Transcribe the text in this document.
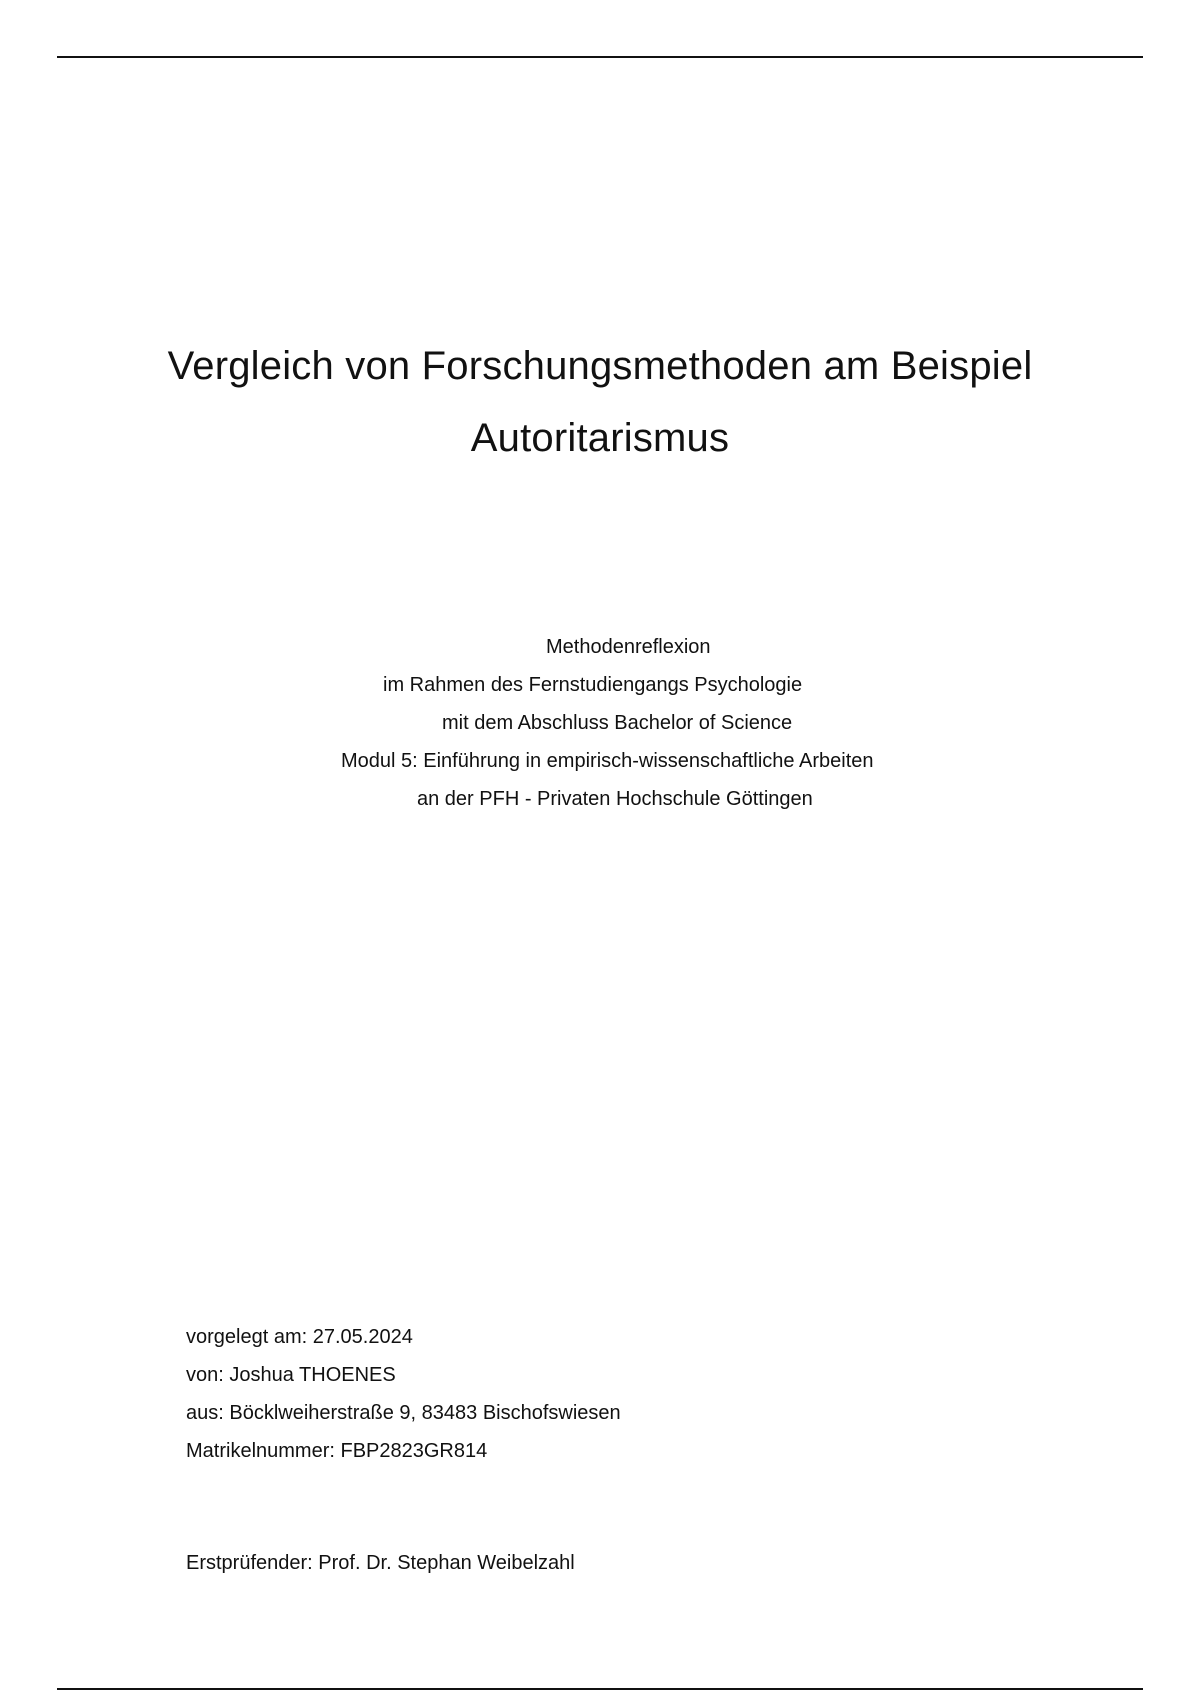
Vergleich von Forschungsmethoden am Beispiel
Autoritarismus
Methodenreflexion
im Rahmen des Fernstudiengangs Psychologie
mit dem Abschluss Bachelor of Science
Modul 5: Einführung in empirisch-wissenschaftliche Arbeiten
an der PFH - Privaten Hochschule Göttingen
vorgelegt am: 27.05.2024
von: Joshua THOENES
aus: Böcklweiherstraße 9, 83483 Bischofswiesen
Matrikelnummer: FBP2823GR814
Erstprüfender: Prof. Dr. Stephan Weibelzahl
